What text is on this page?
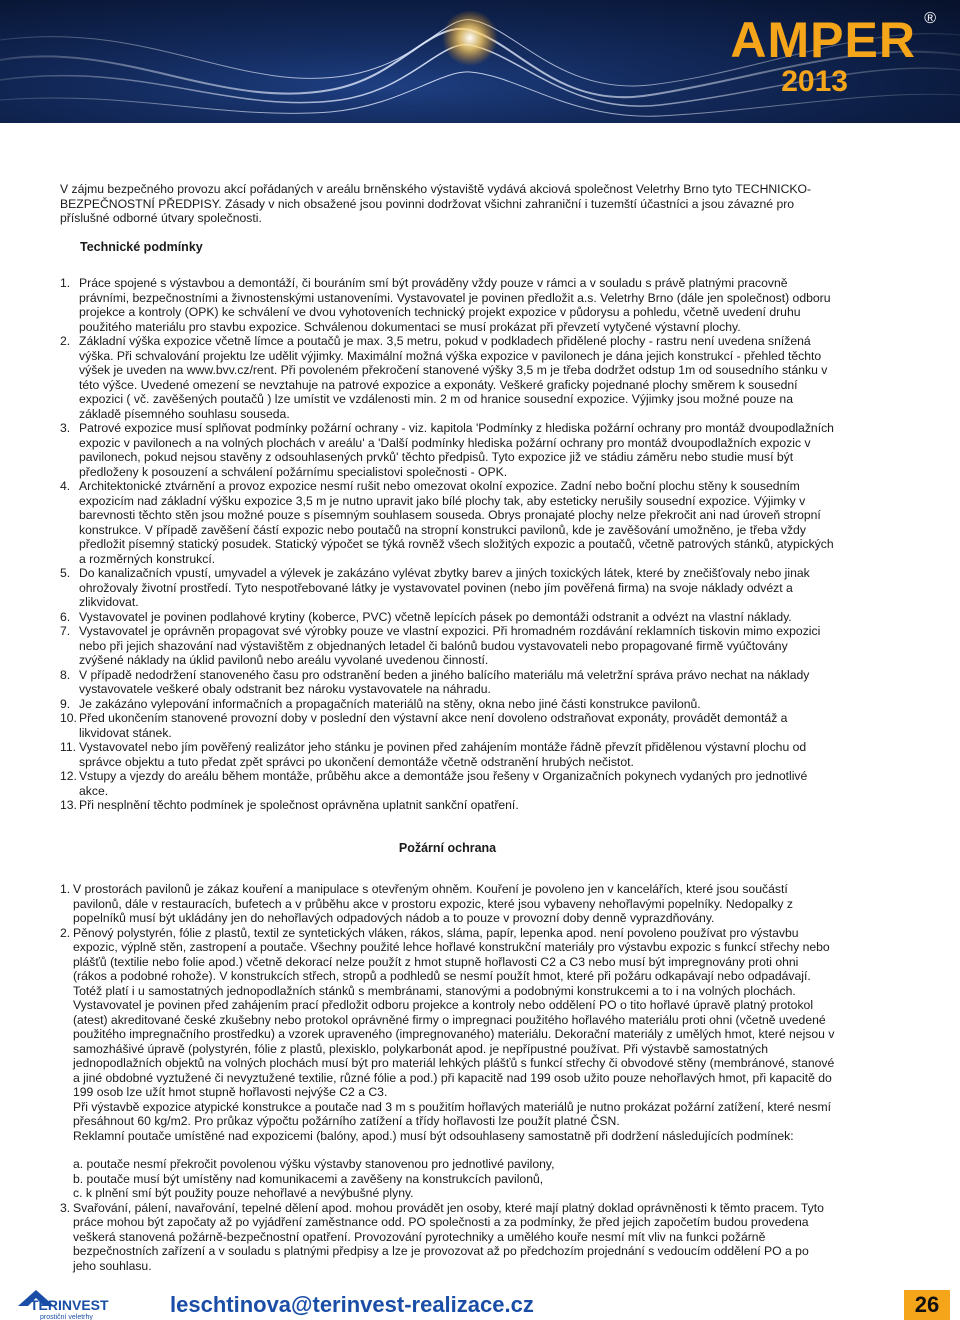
AMPER ®
2013

V zájmu bezpečného provozu akcí pořádaných v areálu brněnského výstaviště vydává akciová společnost Veletrhy Brno tyto TECHNICKO-BEZPEČNOSTNÍ PŘEDPISY. Zásady v nich obsažené jsou povinni dodržovat všichni zahraniční i tuzemští účastníci a jsou závazné pro příslušné odborné útvary společnosti.

Technické podmínky
1. Práce spojené s výstavbou a demontáží, či bouráním smí být prováděny vždy pouze v rámci a v souladu s právě platnými pracovně právními, bezpečnostními a živnostenskými ustanoveními. Vystavovatel je povinen předložit a.s. Veletrhy Brno (dále jen společnost) odboru projekce a kontroly (OPK) ke schválení ve dvou vyhotoveních technický projekt expozice v půdorysu a pohledu, včetně uvedení druhu použitého materiálu pro stavbu expozice. Schválenou dokumentaci se musí prokázat při převzetí vytyčené výstavní plochy.
2. Základní výška expozice včetně límce a poutačů je max. 3,5 metru, pokud v podkladech přidělené plochy - rastru není uvedena snížená výška. Při schvalování projektu lze udělit výjimky. Maximální možná výška expozice v pavilonech je dána jejich konstrukcí - přehled těchto výšek je uveden na www.bvv.cz/rent. Při povoleném překročení stanovené výšky 3,5 m je třeba dodržet odstup 1m od sousedního stánku v této výšce. Uvedené omezení se nevztahuje na patrové expozice a exponáty. Veškeré graficky pojednané plochy směrem k sousední expozici ( vč. zavěšených poutačů ) lze umístit ve vzdálenosti min. 2 m od hranice sousední expozice. Výjimky jsou možné pouze na základě písemného souhlasu souseda.
3. Patrové expozice musí splňovat podmínky požární ochrany - viz. kapitola 'Podmínky z hlediska požární ochrany pro montáž dvoupodlažních expozic v pavilonech a na volných plochách v areálu' a 'Další podmínky hlediska požární ochrany pro montáž dvoupodlažních expozic v pavilonech, pokud nejsou stavěny z odsouhlasených prvků' těchto předpisů. Tyto expozice již ve stádiu záměru nebo studie musí být předloženy k posouzení a schválení požárnímu specialistovi společnosti - OPK.
4. Architektonické ztvárnění a provoz expozice nesmí rušit nebo omezovat okolní expozice. Zadní nebo boční plochu stěny k sousedním expozicím nad základní výšku expozice 3,5 m je nutno upravit jako bílé plochy tak, aby esteticky nerušily sousední expozice. Výjimky v barevnosti těchto stěn jsou možné pouze s písemným souhlasem souseda. Obrys pronajaté plochy nelze překročit ani nad úroveň stropní konstrukce. V případě zavěšení částí expozic nebo poutačů na stropní konstrukci pavilonů, kde je zavěšování umožněno, je třeba vždy předložit písemný statický posudek. Statický výpočet se týká rovněž všech složitých expozic a poutačů, včetně patrových stánků, atypických a rozměrných konstrukcí.
5. Do kanalizačních vpustí, umyvadel a výlevek je zakázáno vylévat zbytky barev a jiných toxických látek, které by znečišťovaly nebo jinak ohrožovaly životní prostředí. Tyto nespotřebované látky je vystavovatel povinen (nebo jím pověřená firma) na svoje náklady odvézt a zlikvidovat.
6. Vystavovatel je povinen podlahové krytiny (koberce, PVC) včetně lepících pásek po demontáži odstranit a odvézt na vlastní náklady.
7. Vystavovatel je oprávněn propagovat své výrobky pouze ve vlastní expozici. Při hromadném rozdávání reklamních tiskovin mimo expozici nebo při jejich shazování nad výstavištěm z objednaných letadel či balónů budou vystavovateli nebo propagované firmě vyúčtovány zvýšené náklady na úklid pavilonů nebo areálu vyvolané uvedenou činností.
8. V případě nedodržení stanoveného času pro odstranění beden a jiného balícího materiálu má veletržní správa právo nechat na náklady vystavovatele veškeré obaly odstranit bez nároku vystavovatele na náhradu.
9. Je zakázáno vylepování informačních a propagačních materiálů na stěny, okna nebo jiné části konstrukce pavilonů.
10. Před ukončením stanovené provozní doby v poslední den výstavní akce není dovoleno odstraňovat exponáty, provádět demontáž a likvidovat stánek.
11. Vystavovatel nebo jím pověřený realizátor jeho stánku je povinen před zahájením montáže řádně převzít přidělenou výstavní plochu od správce objektu a tuto předat zpět správci po ukončení demontáže včetně odstranění hrubých nečistot.
12. Vstupy a vjezdy do areálu během montáže, průběhu akce a demontáže jsou řešeny v Organizačních pokynech vydaných pro jednotlivé akce.
13. Při nesplnění těchto podmínek je společnost oprávněna uplatnit sankční opatření.
Požární ochrana
1. V prostorách pavilonů je zákaz kouření a manipulace s otevřeným ohněm. Kouření je povoleno jen v kancelářích, které jsou součástí pavilonů, dále v restauracích, bufetech a v průběhu akce v prostoru expozic, které jsou vybaveny nehořlavými popelníky. Nedopalky z popelníků musí být ukládány jen do nehořlavých odpadových nádob a to pouze v provozní doby denně vyprazdňovány.
2. Pěnový polystyrén, fólie z plastů, textil ze syntetických vláken, rákos, sláma, papír, lepenka apod. není povoleno používat pro výstavbu expozic, výplně stěn, zastropení a poutače. Všechny použité lehce hořlavé konstrukční materiály pro výstavbu expozic s funkcí střechy nebo plášťů (textilie nebo folie apod.) včetně dekorací nelze použít z hmot stupně hořlavosti C2 a C3 nebo musí být impregnovány proti ohni (rákos a podobné rohože). V konstrukcích střech, stropů a podhledů se nesmí použít hmot, které při požáru odkapávají nebo odpadávají. Totéž platí i u samostatných jednopodlažních stánků s membránami, stanovými a podobnými konstrukcemi a to i na volných plochách.

Vystavovatel je povinen před zahájením prací předložit odboru projekce a kontroly nebo oddělení PO o tito hořlavé úpravě platný protokol (atest) akreditované české zkušebny nebo protokol oprávněné firmy o impregnaci použitého hořlavého materiálu proti ohni (včetně uvedené použitého impregnačního prostředku) a vzorek upraveného (impregnovaného) materiálu. Dekorační materiály z umělých hmot, které nejsou v samozhášivé úpravě (polystyrén, fólie z plastů, plexisklo, polykarbonát apod. je nepřípustné používat. Při výstavbě samostatných jednopodlažních objektů na volných plochách musí být pro materiál lehkých plášťů s funkcí střechy či obvodové stěny (membránové, stanové a jiné obdobné vyztužené či nevyztužené textilie, různé fólie a pod.) při kapacitě nad 199 osob užito pouze nehořlavých hmot, při kapacitě do 199 osob lze užít hmot stupně hořlavosti nejvýše C2 a C3.

Při výstavbě expozice atypické konstrukce a poutače nad 3 m s použitím hořlavých materiálů je nutno prokázat požární zatížení, které nesmí přesáhnout 60 kg/m2. Pro průkaz výpočtu požárního zatížení a třídy hořlavosti lze použít platné ČSN.

Reklamní poutače umístěné nad expozicemi (balóny, apod.) musí být odsouhlaseny samostatně při dodržení následujících podmínek:

a. poutače nesmí překročit povolenou výšku výstavby stanovenou pro jednotlivé pavilony,

b. poutače musí být umístěny nad komunikacemi a zavěšeny na konstrukcích pavilonů,

c. k plnění smí být použity pouze nehořlavé a nevýbušné plyny.

3. Svařování, pálení, navařování, tepelné dělení apod. mohou provádět jen osoby, které mají platný doklad oprávněnosti k těmto pracem. Tyto práce mohou být započaty až po vyjádření zaměstnance odd. PO společnosti a za podmínky, že před jejich započetím budou provedena veškerá stanovená požárně-bezpečnostní opatření. Provozování pyrotechniky a umělého kouře nesmí mít vliv na funkci požárně bezpečnostních zařízení a v souladu s platnými předpisy a lze je provozovat až po předchozím projednání s vedoucím oddělení PO a po jeho souhlasu.
TERINVEST
prostiční veletrhy
leschtinova@terinvest-realizace.cz	26
